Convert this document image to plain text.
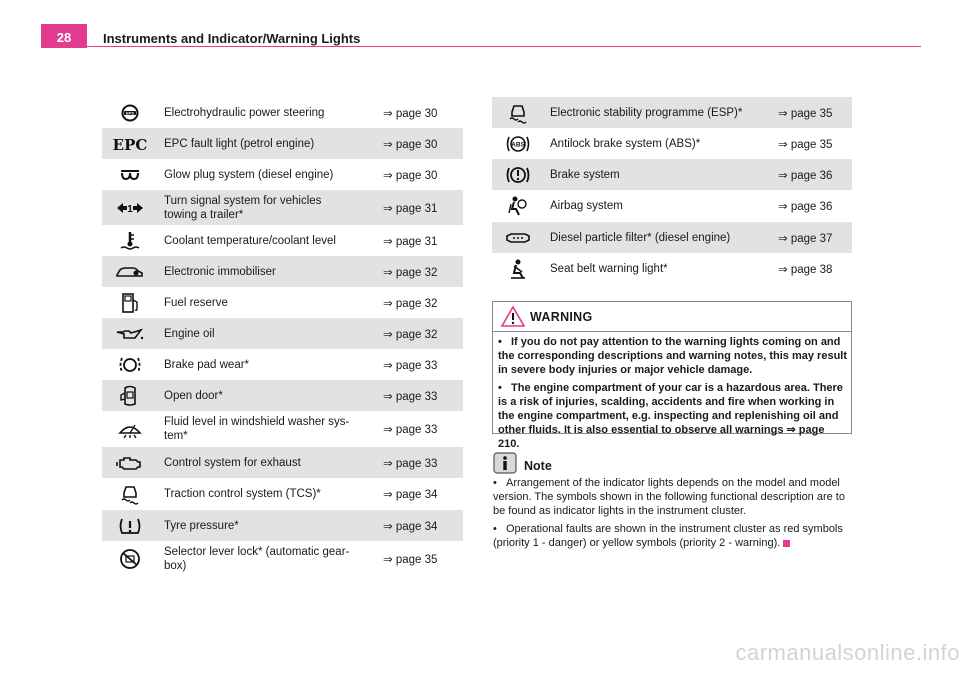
28	Instruments and Indicator/Warning Lights
EPS	Electrohydraulic power steering	⇒ page 30

EPC	EPC fault light (petrol engine)	⇒ page 30
	Glow plug system (diesel engine)	⇒ page 30

1	Turn signal system for vehicles towing a trailer*	⇒ page 31
	Coolant temperature/coolant level	⇒ page 31
	Electronic immobiliser	⇒ page 32
	Fuel reserve	⇒ page 32
	Engine oil	⇒ page 32
	Brake pad wear*	⇒ page 33
	Open door*	⇒ page 33
	Fluid level in windshield washer sys-tem*	⇒ page 33
	Control system for exhaust	⇒ page 33
	Traction control system (TCS)*	⇒ page 34
	Tyre pressure*	⇒ page 34
	Selector lever lock* (automatic gear-box)	⇒ page 35
	Electronic stability programme (ESP)*	⇒ page 35

ABS	Antilock brake system (ABS)*	⇒ page 35
	Brake system	⇒ page 36
	Airbag system	⇒ page 36
	Diesel particle filter* (diesel engine)	⇒ page 37
	Seat belt warning light*	⇒ page 38
WARNING

• If you do not pay attention to the warning lights coming on and the corresponding descriptions and warning notes, this may result in severe body injuries or major vehicle damage.

• The engine compartment of your car is a hazardous area. There is a risk of injuries, scalding, accidents and fire when working in the engine compartment, e.g. inspecting and replenishing oil and other fluids. It is also essential to observe all warnings ⇒ page 210.

Note

• Arrangement of the indicator lights depends on the model and model version. The symbols shown in the following functional description are to be found as indicator lights in the instrument cluster.

• Operational faults are shown in the instrument cluster as red symbols (priority 1 - danger) or yellow symbols (priority 2 - warning).

carmanualsonline.info
